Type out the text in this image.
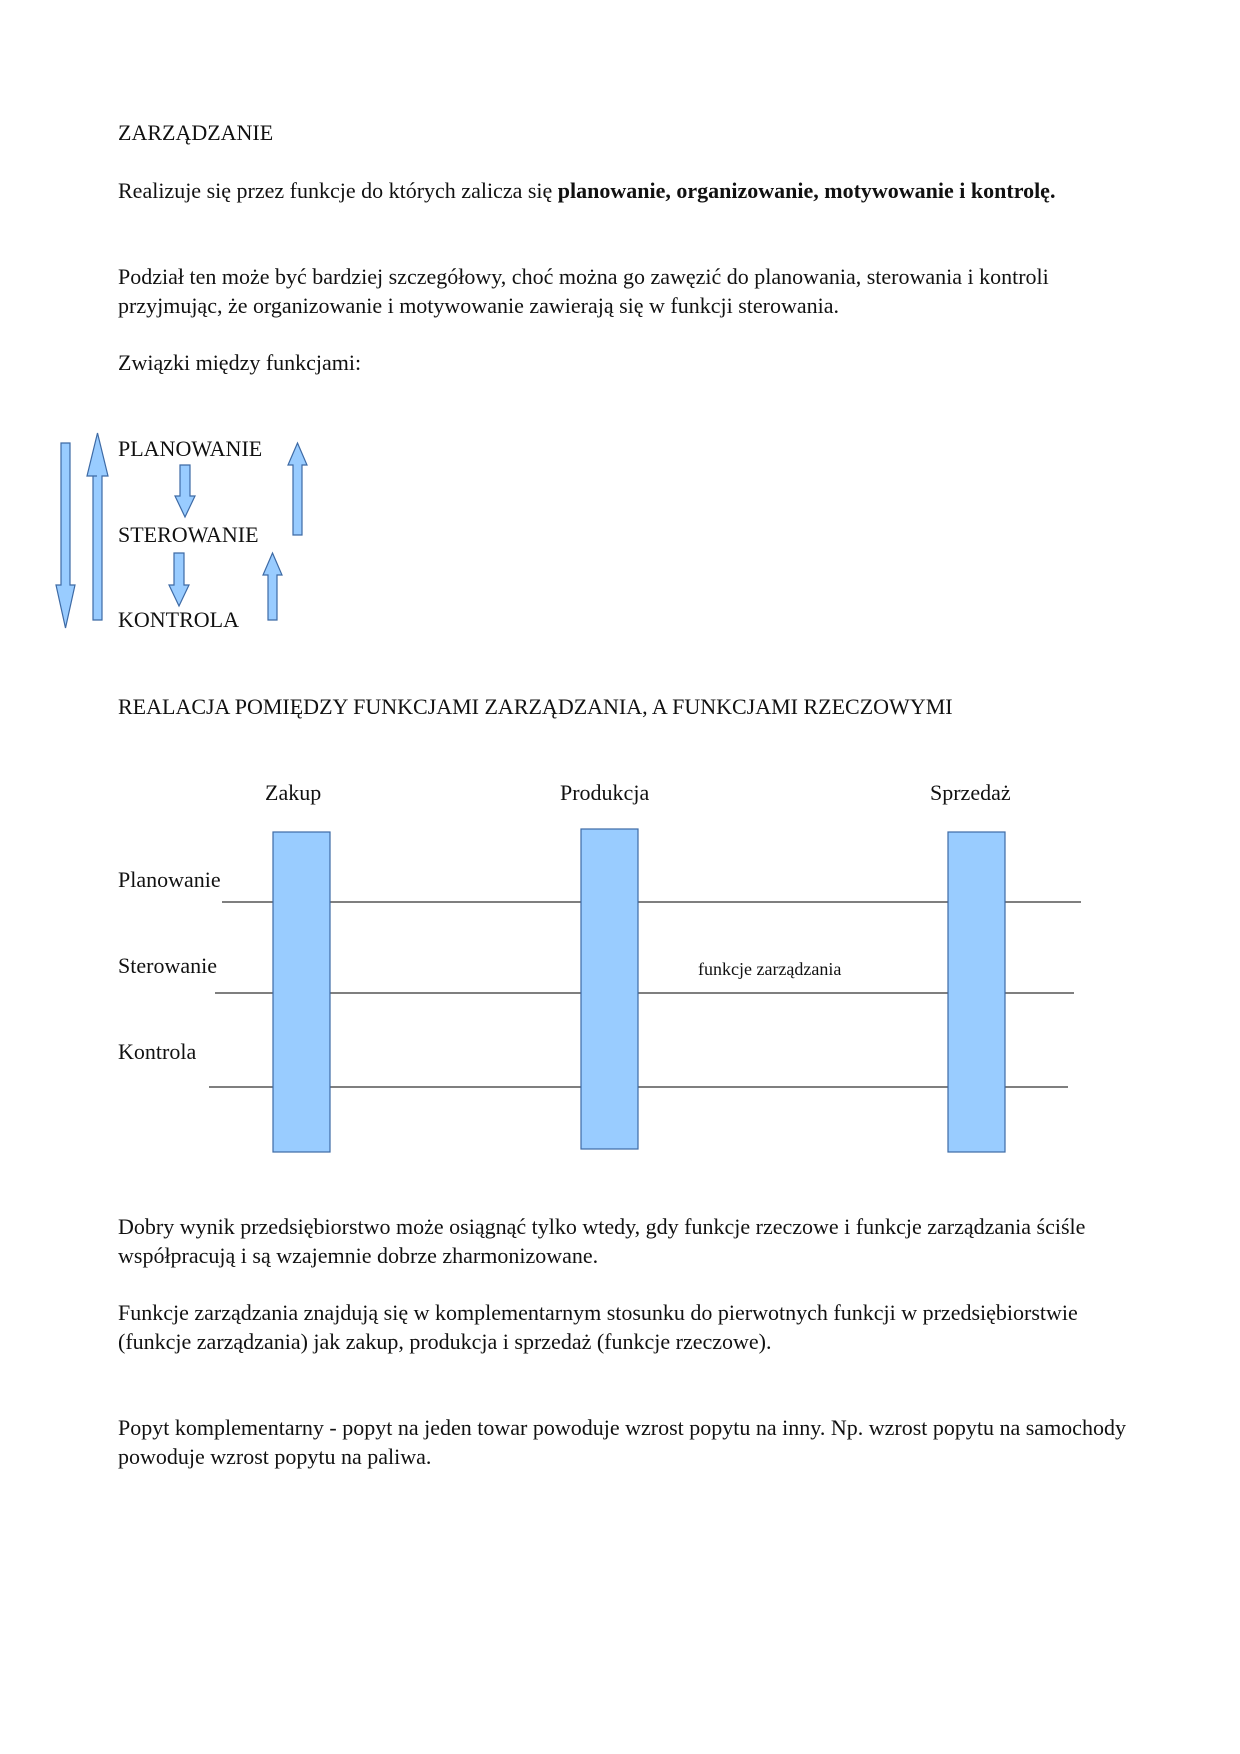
ZARZĄDZANIE

Realizuje się przez funkcje do których zalicza się planowanie, organizowanie, motywowanie i kontrolę.

Podział ten może być bardziej szczegółowy, choć można go zawęzić do planowania, sterowania i kontroli przyjmując, że organizowanie i motywowanie zawierają się w funkcji sterowania.

Związki między funkcjami:
PLANOWANIE
STEROWANIE
KONTROLA
REALACJA POMIĘDZY FUNKCJAMI ZARZĄDZANIA, A FUNKCJAMI RZECZOWYMI
Zakup	Produkcja	Sprzedaż
Planowanie
Sterowanie
Kontrola
funkcje zarządzania

Dobry wynik przedsiębiorstwo może osiągnąć tylko wtedy, gdy funkcje rzeczowe i funkcje zarządzania ściśle współpracują i są wzajemnie dobrze zharmonizowane.

Funkcje zarządzania znajdują się w komplementarnym stosunku do pierwotnych funkcji w przedsiębiorstwie (funkcje zarządzania) jak zakup, produkcja i sprzedaż (funkcje rzeczowe).

Popyt komplementarny - popyt na jeden towar powoduje wzrost popytu na inny. Np. wzrost popytu na samochody powoduje wzrost popytu na paliwa.
